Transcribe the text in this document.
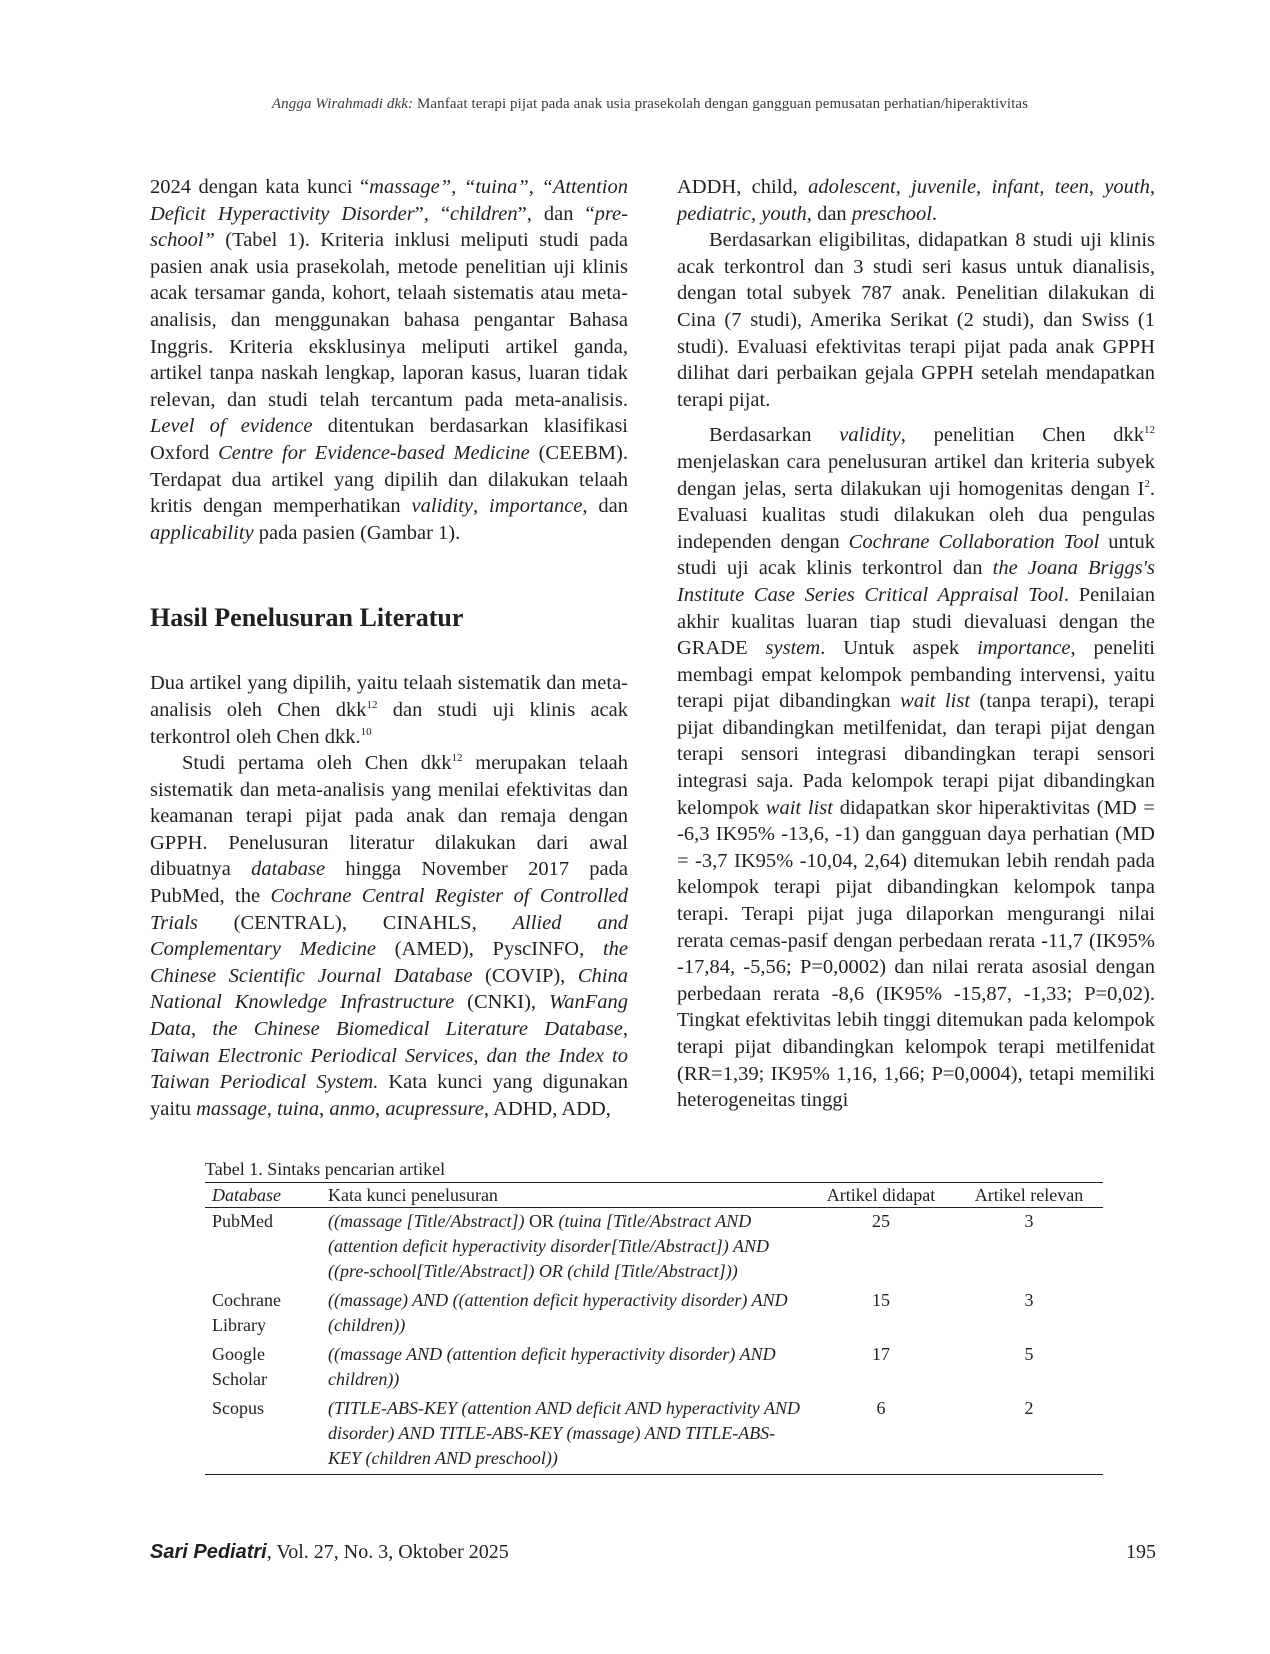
Angga Wirahmadi dkk: Manfaat terapi pijat pada anak usia prasekolah dengan gangguan pemusatan perhatian/hiperaktivitas

2024 dengan kata kunci “massage”, “tuina”, “Attention Deficit Hyperactivity Disorder”, “children”, dan “pre-school” (Tabel 1). Kriteria inklusi meliputi studi pada pasien anak usia prasekolah, metode penelitian uji klinis acak tersamar ganda, kohort, telaah sistematis atau meta-analisis, dan menggunakan bahasa pengantar Bahasa Inggris. Kriteria eksklusinya meliputi artikel ganda, artikel tanpa naskah lengkap, laporan kasus, luaran tidak relevan, dan studi telah tercantum pada meta-analisis. Level of evidence ditentukan berdasarkan klasifikasi Oxford Centre for Evidence-based Medicine (CEEBM). Terdapat dua artikel yang dipilih dan dilakukan telaah kritis dengan memperhatikan validity, importance, dan applicability pada pasien (Gambar 1).

Hasil Penelusuran Literatur

Dua artikel yang dipilih, yaitu telaah sistematik dan meta-analisis oleh Chen dkk$^{12}$ dan studi uji klinis acak terkontrol oleh Chen dkk.$^{10}$

Studi pertama oleh Chen dkk$^{12}$ merupakan telaah sistematik dan meta-analisis yang menilai efektivitas dan keamanan terapi pijat pada anak dan remaja dengan GPPH. Penelusuran literatur dilakukan dari awal dibuatnya database hingga November 2017 pada PubMed, the Cochrane Central Register of Controlled Trials (CENTRAL), CINAHLS, Allied and Complementary Medicine (AMED), PyscINFO, the Chinese Scientific Journal Database (COVIP), China National Knowledge Infrastructure (CNKI), WanFang Data, the Chinese Biomedical Literature Database, Taiwan Electronic Periodical Services, dan the Index to Taiwan Periodical System. Kata kunci yang digunakan yaitu massage, tuina, anmo, acupressure, ADHD, ADD,

ADDH, child, adolescent, juvenile, infant, teen, youth, pediatric, youth, dan preschool.

Berdasarkan eligibilitas, didapatkan 8 studi uji klinis acak terkontrol dan 3 studi seri kasus untuk dianalisis, dengan total subyek 787 anak. Penelitian dilakukan di Cina (7 studi), Amerika Serikat (2 studi), dan Swiss (1 studi). Evaluasi efektivitas terapi pijat pada anak GPPH dilihat dari perbaikan gejala GPPH setelah mendapatkan terapi pijat.

Berdasarkan validity, penelitian Chen dkk$^{12}$ menjelaskan cara penelusuran artikel dan kriteria subyek dengan jelas, serta dilakukan uji homogenitas dengan $I^2$. Evaluasi kualitas studi dilakukan oleh dua pengulas independen dengan Cochrane Collaboration Tool untuk studi uji acak klinis terkontrol dan the Joana Briggs's Institute Case Series Critical Appraisal Tool. Penilaian akhir kualitas luaran tiap studi dievaluasi dengan the GRADE system. Untuk aspek importance, peneliti membagi empat kelompok pembanding intervensi, yaitu terapi pijat dibandingkan wait list (tanpa terapi), terapi pijat dibandingkan metilfenidat, dan terapi pijat dengan terapi sensori integrasi dibandingkan terapi sensori integrasi saja. Pada kelompok terapi pijat dibandingkan kelompok wait list didapatkan skor hiperaktivitas (MD = -6,3 IK95% -13,6, -1) dan gangguan daya perhatian (MD = -3,7 IK95% -10,04, 2,64) ditemukan lebih rendah pada kelompok terapi pijat dibandingkan kelompok tanpa terapi. Terapi pijat juga dilaporkan mengurangi nilai rerata cemas-pasif dengan perbedaan rerata -11,7 (IK95% -17,84, -5,56; P=0,0002) dan nilai rerata asosial dengan perbedaan rerata -8,6 (IK95% -15,87, -1,33; P=0,02). Tingkat efektivitas lebih tinggi ditemukan pada kelompok terapi pijat dibandingkan kelompok terapi metilfenidat (RR=1,39; IK95% 1,16, 1,66; P=0,0004), tetapi memiliki heterogeneitas tinggi

Tabel 1. Sintaks pencarian artikel
Database	Kata kunci penelusuran	Artikel didapat	Artikel relevan
PubMed	((massage [Title/Abstract]) OR (tuina [Title/Abstract AND (attention deficit hyperactivity disorder[Title/Abstract]) AND ((pre-school[Title/Abstract]) OR (child [Title/Abstract]))	25	3
Cochrane Library	((massage) AND ((attention deficit hyperactivity disorder) AND (children))	15	3
Google Scholar	((massage AND (attention deficit hyperactivity disorder) AND children))	17	5
Scopus	(TITLE-ABS-KEY (attention AND deficit AND hyperactivity AND disorder) AND TITLE-ABS-KEY (massage) AND TITLE-ABS-KEY (children AND preschool))	6	2
Sari Pediatri, Vol. 27, No. 3, Oktober 2025	195
